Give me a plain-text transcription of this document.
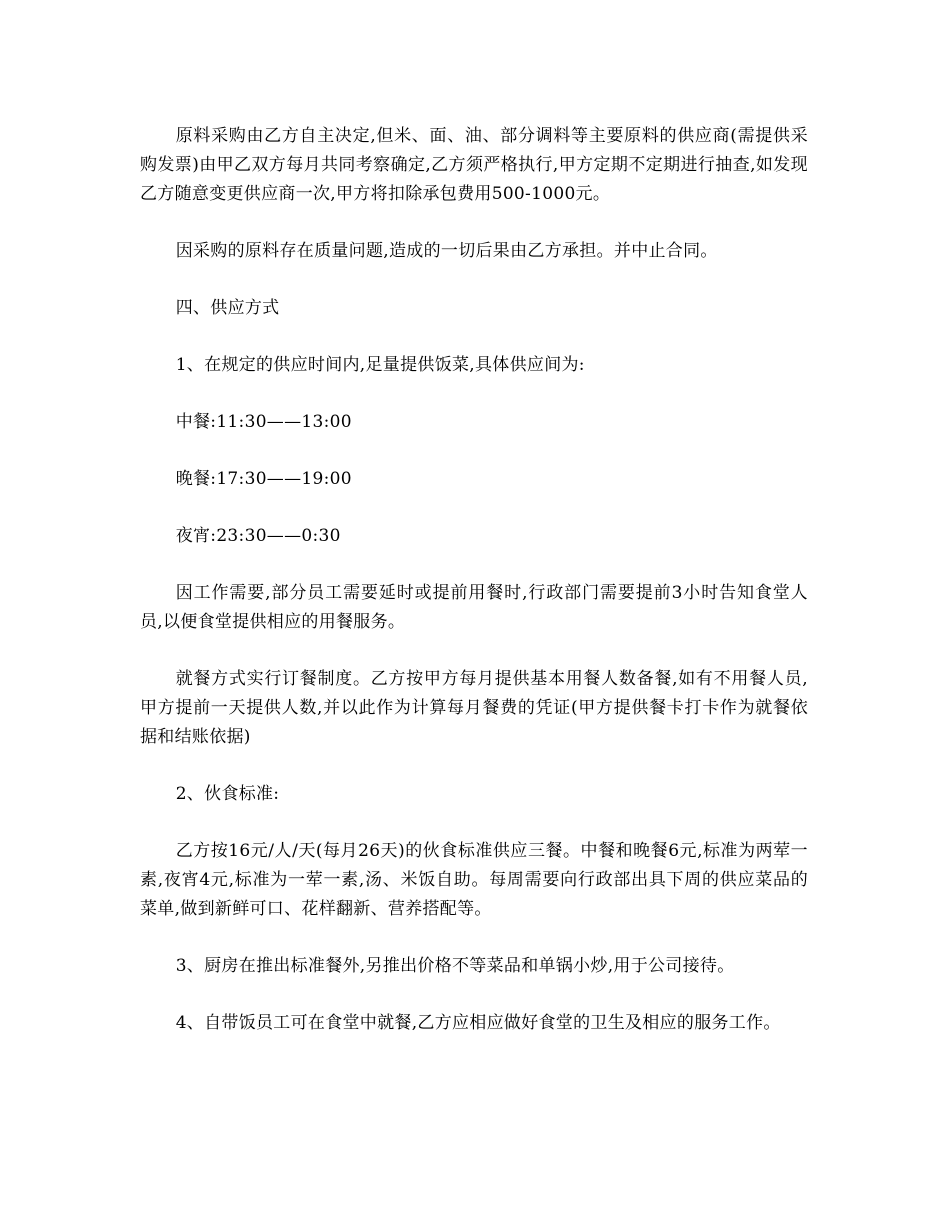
原料采购由乙方自主决定,但米、面、油、部分调料等主要原料的供应商(需提供采购发票)由甲乙双方每月共同考察确定,乙方须严格执行,甲方定期不定期进行抽查,如发现乙方随意变更供应商一次,甲方将扣除承包费用500-1000元。

因采购的原料存在质量问题,造成的一切后果由乙方承担。并中止合同。

四、供应方式

1、在规定的供应时间内,足量提供饭菜,具体供应间为:

中餐:11:30——13:00

晚餐:17:30——19:00

夜宵:23:30——0:30

因工作需要,部分员工需要延时或提前用餐时,行政部门需要提前3小时告知食堂人员,以便食堂提供相应的用餐服务。

就餐方式实行订餐制度。乙方按甲方每月提供基本用餐人数备餐,如有不用餐人员,甲方提前一天提供人数,并以此作为计算每月餐费的凭证(甲方提供餐卡打卡作为就餐依据和结账依据)

2、伙食标准:

乙方按16元/人/天(每月26天)的伙食标准供应三餐。中餐和晚餐6元,标准为两荤一素,夜宵4元,标准为一荤一素,汤、米饭自助。每周需要向行政部出具下周的供应菜品的菜单,做到新鲜可口、花样翻新、营养搭配等。

3、厨房在推出标准餐外,另推出价格不等菜品和单锅小炒,用于公司接待。

4、自带饭员工可在食堂中就餐,乙方应相应做好食堂的卫生及相应的服务工作。
